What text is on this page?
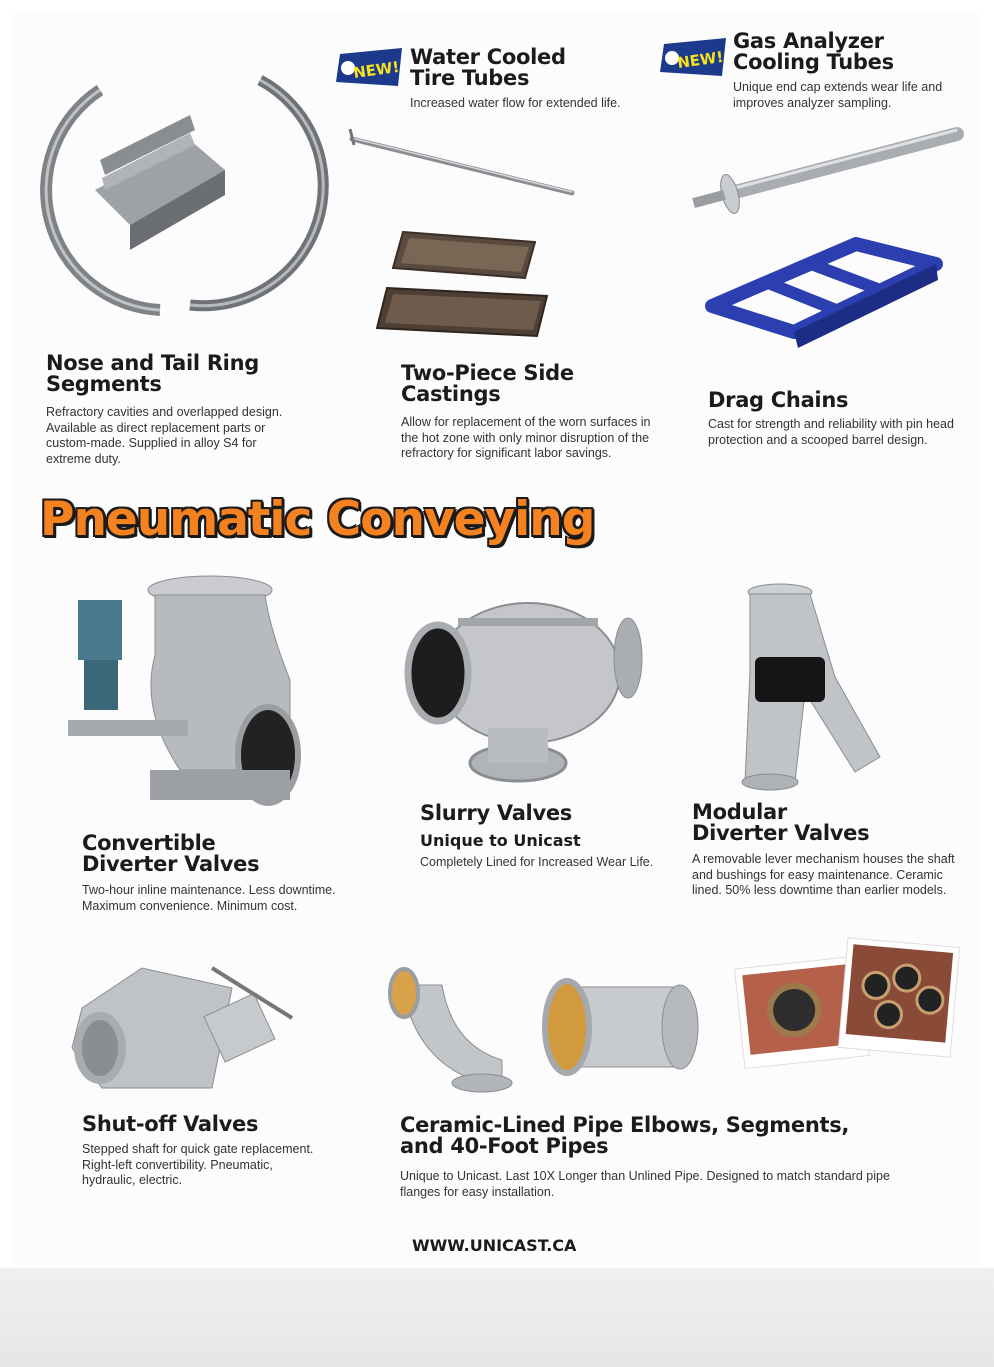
NEW!	NEW!
Water Cooled
Tire Tubes
Increased water flow for extended life.
Gas Analyzer
Cooling Tubes
Unique end cap extends wear life and
improves analyzer sampling.
Nose and Tail Ring
Segments
Refractory cavities and overlapped design.
Available as direct replacement parts or
custom-made. Supplied in alloy S4 for
extreme duty.
Two-Piece Side
Castings
Allow for replacement of the worn surfaces in
the hot zone with only minor disruption of the
refractory for significant labor savings.
Drag Chains
Cast for strength and reliability with pin head
protection and a scooped barrel design.
Pneumatic Conveying
Convertible
Diverter Valves
Two-hour inline maintenance. Less downtime.
Maximum convenience. Minimum cost.
Slurry Valves
Unique to Unicast
Completely Lined for Increased Wear Life.
Modular
Diverter Valves
A removable lever mechanism houses the shaft
and bushings for easy maintenance. Ceramic
lined. 50% less downtime than earlier models.
Shut-off Valves
Stepped shaft for quick gate replacement.
Right-left convertibility. Pneumatic,
hydraulic, electric.
Ceramic-Lined Pipe Elbows, Segments,
and 40-Foot Pipes
Unique to Unicast. Last 10X Longer than Unlined Pipe. Designed to match standard pipe
flanges for easy installation.
WWW.UNICAST.CA
